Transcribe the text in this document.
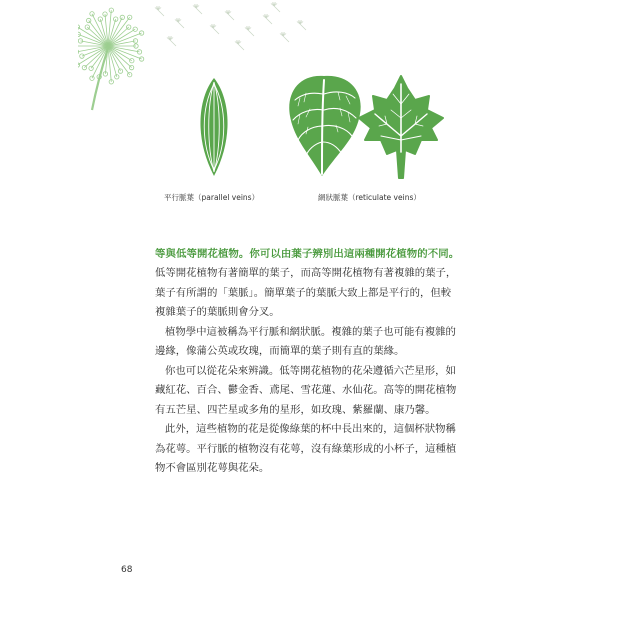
平行脈葉（parallel veins）	網狀脈葉（reticulate veins）

等與低等開花植物。你可以由葉子辨別出這兩種開花植物的不同。

低等開花植物有著簡單的葉子，而高等開花植物有著複雜的葉子，
葉子有所謂的「葉脈」。簡單葉子的葉脈大致上都是平行的，但較
複雜葉子的葉脈則會分叉。

植物學中這被稱為平行脈和網狀脈。複雜的葉子也可能有複雜的
邊緣，像蒲公英或玫瑰，而簡單的葉子則有直的葉緣。

你也可以從花朵來辨識。低等開花植物的花朵遵循六芒星形，如
藏紅花、百合、鬱金香、鳶尾、雪花蓮、水仙花。高等的開花植物
有五芒星、四芒星或多角的星形，如玫瑰、紫羅蘭、康乃馨。

此外，這些植物的花是從像綠葉的杯中長出來的，這個杯狀物稱
為花萼。平行脈的植物沒有花萼，沒有綠葉形成的小杯子，這種植
物不會區別花萼與花朵。

68
